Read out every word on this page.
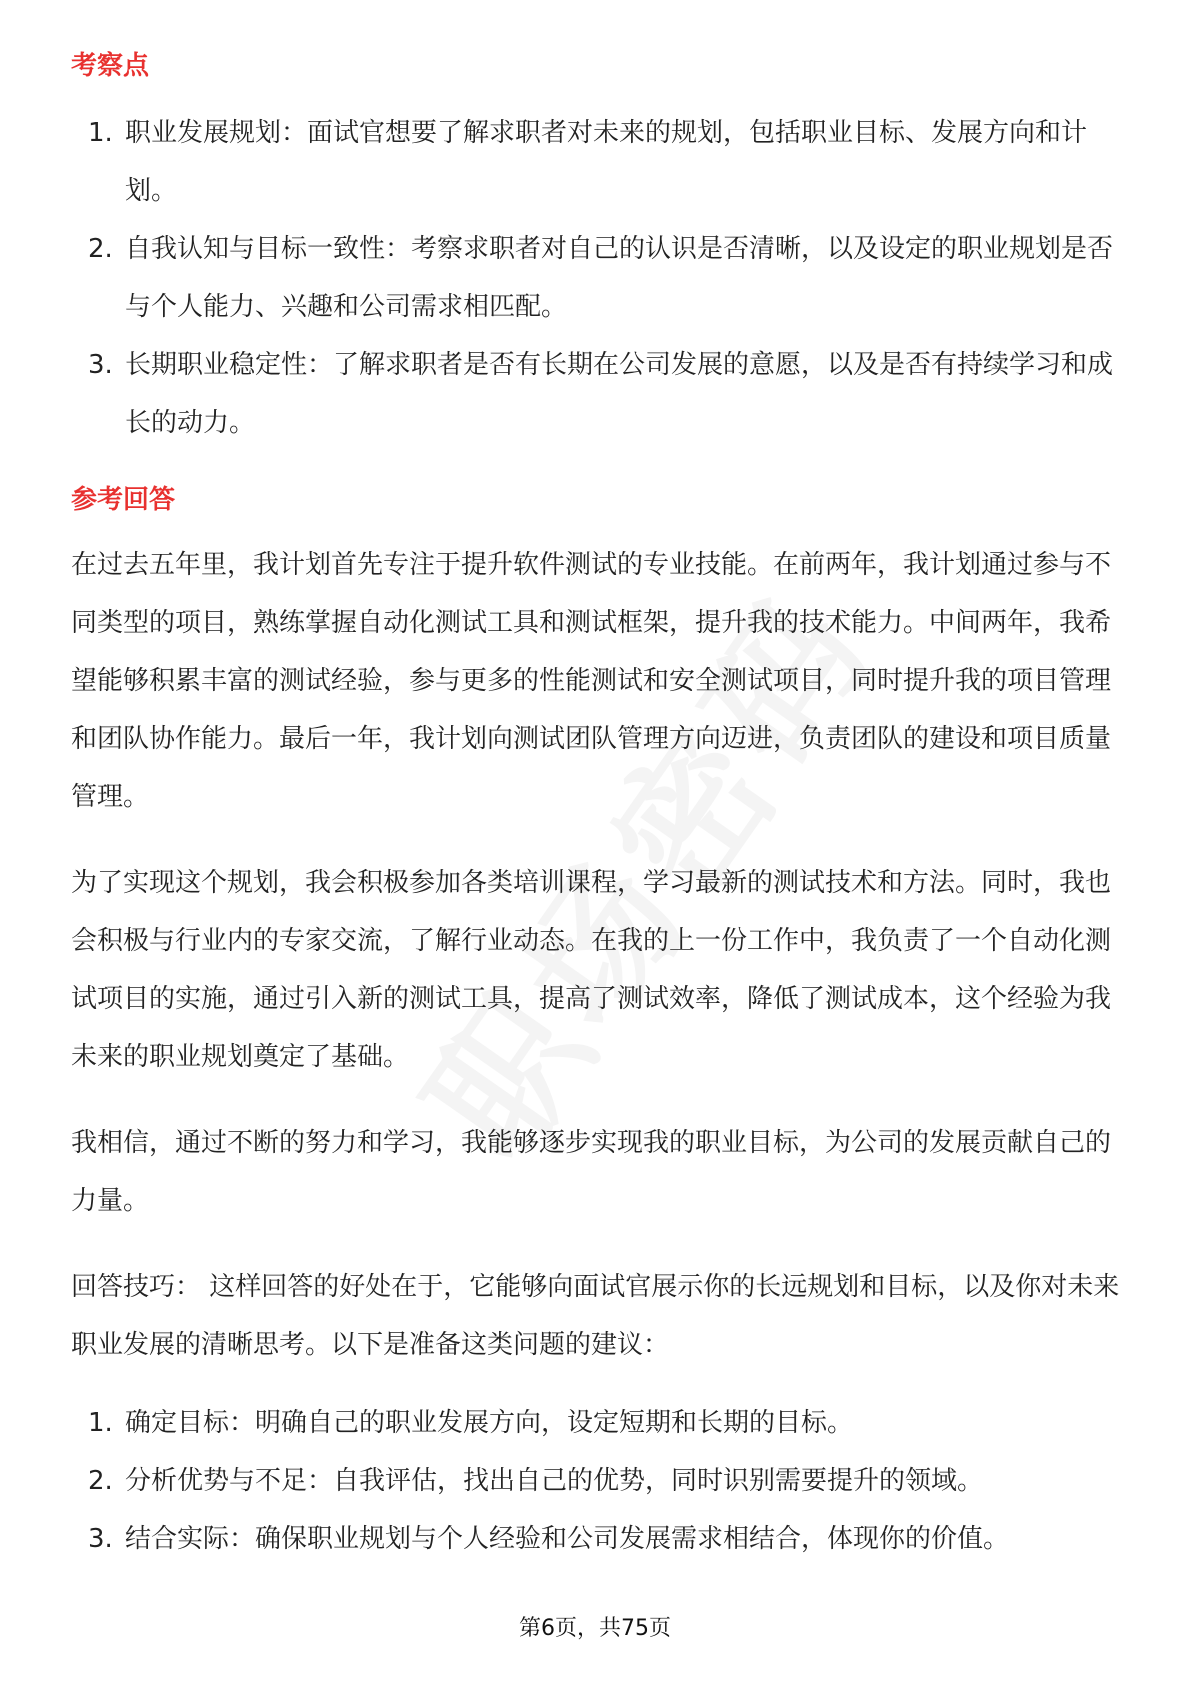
考察点
1. 职业发展规划：面试官想要了解求职者对未来的规划，包括职业目标、发展方向和计划。
2. 自我认知与目标一致性：考察求职者对自己的认识是否清晰，以及设定的职业规划是否与个人能力、兴趣和公司需求相匹配。
3. 长期职业稳定性：了解求职者是否有长期在公司发展的意愿，以及是否有持续学习和成长的动力。
参考回答

在过去五年里，我计划首先专注于提升软件测试的专业技能。在前两年，我计划通过参与不同类型的项目，熟练掌握自动化测试工具和测试框架，提升我的技术能力。中间两年，我希望能够积累丰富的测试经验，参与更多的性能测试和安全测试项目，同时提升我的项目管理和团队协作能力。最后一年，我计划向测试团队管理方向迈进，负责团队的建设和项目质量管理。

为了实现这个规划，我会积极参加各类培训课程，学习最新的测试技术和方法。同时，我也会积极与行业内的专家交流，了解行业动态。在我的上一份工作中，我负责了一个自动化测试项目的实施，通过引入新的测试工具，提高了测试效率，降低了测试成本，这个经验为我未来的职业规划奠定了基础。

我相信，通过不断的努力和学习，我能够逐步实现我的职业目标，为公司的发展贡献自己的力量。

回答技巧： 这样回答的好处在于，它能够向面试官展示你的长远规划和目标，以及你对未来职业发展的清晰思考。以下是准备这类问题的建议：

1. 确定目标：明确自己的职业发展方向，设定短期和长期的目标。
2. 分析优势与不足：自我评估，找出自己的优势，同时识别需要提升的领域。
3. 结合实际：确保职业规划与个人经验和公司发展需求相结合，体现你的价值。
第6页，共75页
